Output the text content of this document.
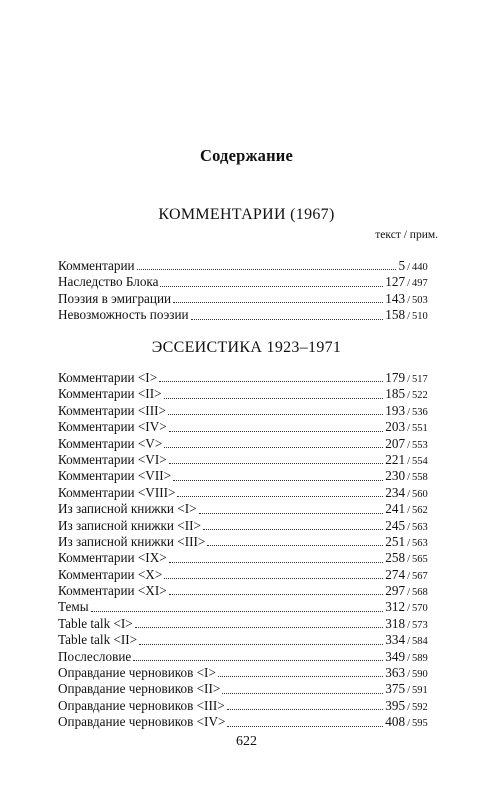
Содержание
КОММЕНТАРИИ (1967)
текст / прим.
Комментарии	5 / 440
Наследство Блока	127 / 497
Поэзия в эмиграции	143 / 503
Невозможность поэзии	158 / 510
ЭССЕИСТИКА 1923–1971
Комментарии <I>	179 / 517
Комментарии <II>	185 / 522
Комментарии <III>	193 / 536
Комментарии <IV>	203 / 551
Комментарии <V>	207 / 553
Комментарии <VI>	221 / 554
Комментарии <VII>	230 / 558
Комментарии <VIII>	234 / 560
Из записной книжки <I>	241 / 562
Из записной книжки <II>	245 / 563
Из записной книжки <III>	251 / 563
Комментарии <IX>	258 / 565
Комментарии <X>	274 / 567
Комментарии <XI>	297 / 568
Темы	312 / 570
Table talk <I>	318 / 573
Table talk <II>	334 / 584
Послесловие	349 / 589
Оправдание черновиков <I>	363 / 590
Оправдание черновиков <II>	375 / 591
Оправдание черновиков <III>	395 / 592
Оправдание черновиков <IV>	408 / 595
622
